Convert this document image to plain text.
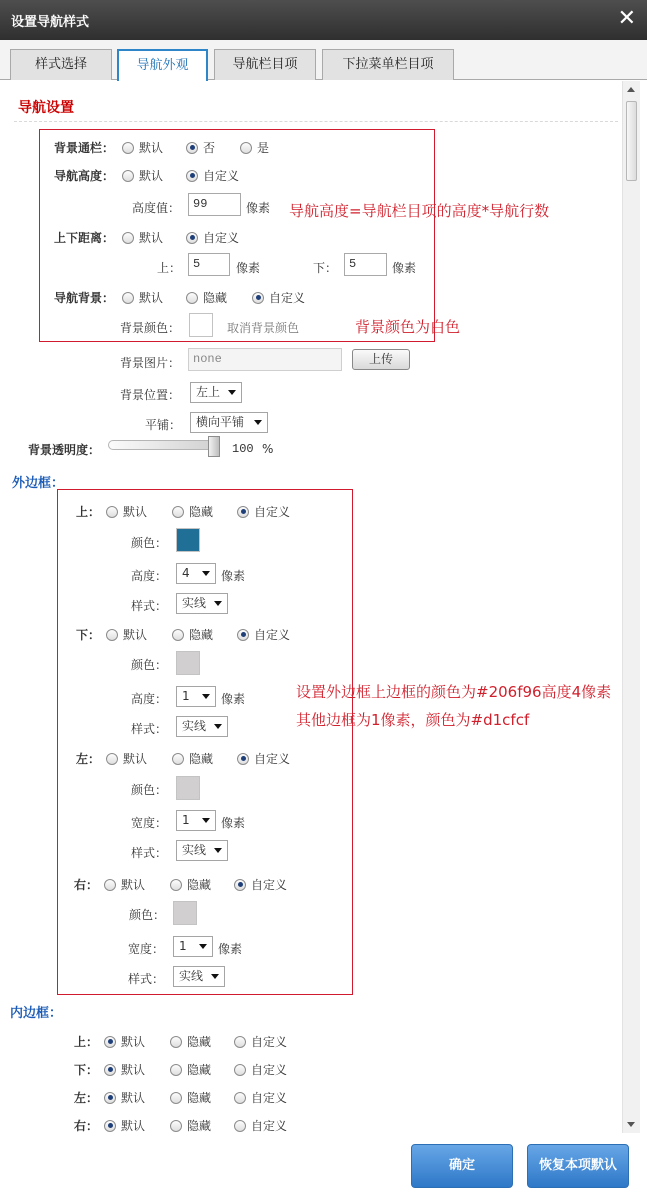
设置导航样式	✕
样式选择	导航外观	导航栏目项	下拉菜单栏目项
导航设置
背景通栏： 默认	否	是
导航高度： 默认	自定义
高度值：	99	像素 导航高度=导航栏目项的高度*导航行数
上下距离： 默认	自定义
上： 5	像素	下： 5	像素
导航背景： 默认	隐藏	自定义
背景颜色：	取消背景颜色	背景颜色为白色
背景图片：	none	上传
背景位置：	左上
平铺：	横向平铺
背景透明度：	100 %
外边框：
上： 默认	隐藏	自定义
颜色：
高度：	4	像素
样式：	实线
下： 默认	隐藏	自定义
颜色：
高度：	1	像素
样式：	实线
设置外边框上边框的颜色为#206f96高度4像素
其他边框为1像素，颜色为#d1cfcf
左： 默认	隐藏	自定义
颜色：
宽度：	1	像素
样式：	实线
右： 默认	隐藏	自定义
颜色：
宽度：	1	像素
样式：	实线
内边框：
上： 默认	隐藏	自定义
下： 默认	隐藏	自定义
左： 默认	隐藏	自定义
右： 默认	隐藏	自定义
确定	恢复本项默认
